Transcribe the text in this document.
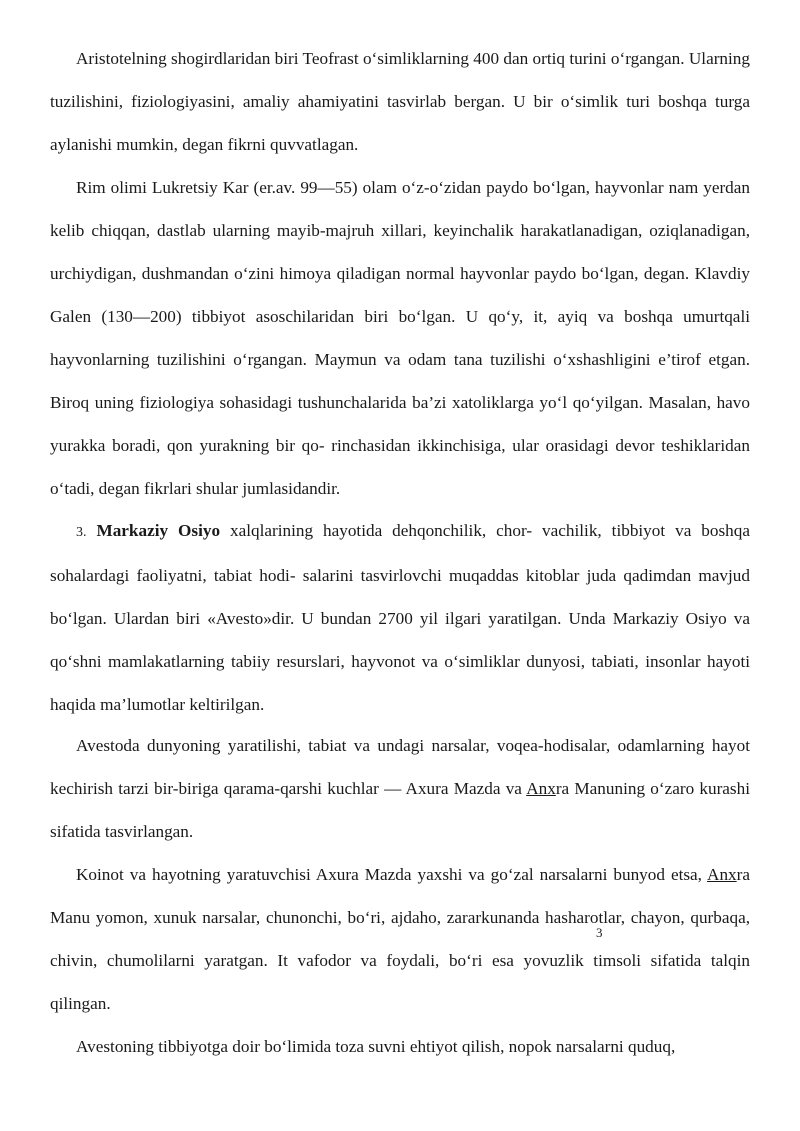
Aristotelning shogirdlaridan biri Teofrast o‘simliklarning 400 dan ortiq turini o‘rgangan. Ularning tuzilishini, fiziologiyasini, amaliy ahamiyatini tasvirlab bergan. U bir o‘simlik turi boshqa turga aylanishi mumkin, degan fikrni quvvatlagan.

Rim olimi Lukretsiy Kar (er.av. 99—55) olam o‘z-o‘zidan paydo bo‘lgan, hayvonlar nam yerdan kelib chiqqan, dastlab ularning mayib-majruh xillari, keyinchalik harakatlanadigan, oziqlanadigan, urchiydigan, dushmandan o‘zini himoya qiladigan normal hayvonlar paydo bo‘lgan, degan. Klavdiy Galen (130—200) tibbiyot asoschilaridan biri bo‘lgan. U qo‘y, it, ayiq va boshqa umurtqali hayvonlarning tuzilishini o‘rgangan. Maymun va odam tana tuzilishi o‘xshashligini e’tirof etgan. Biroq uning fiziologiya sohasidagi tushunchalarida ba’zi xatoliklarga yo‘l qo‘yilgan. Masalan, havo yurakka boradi, qon yurakning bir qo- rinchasidan ikkinchisiga, ular orasidagi devor teshiklaridan o‘tadi, degan fikrlari shular jumlasidandir.

3. Markaziy Osiyo xalqlarining hayotida dehqonchilik, chor- vachilik, tibbiyot va boshqa sohalardagi faoliyatni, tabiat hodi- salarini tasvirlovchi muqaddas kitoblar juda qadimdan mavjud bo‘lgan. Ulardan biri «Avesto»dir. U bundan 2700 yil ilgari yaratilgan. Unda Markaziy Osiyo va qo‘shni mamlakatlarning tabiiy resurslari, hayvonot va o‘simliklar dunyosi, tabiati, insonlar hayoti haqida ma’lumotlar keltirilgan.

Avestoda dunyoning yaratilishi, tabiat va undagi narsalar, voqea-hodisalar, odamlarning hayot kechirish tarzi bir-biriga qarama-qarshi kuchlar — Axura Mazda va Anxra Manuning o‘zaro kurashi sifatida tasvirlangan.

Koinot va hayotning yaratuvchisi Axura Mazda yaxshi va go‘zal narsalarni bunyod etsa, Anxra Manu yomon, xunuk narsalar, chunonchi, bo‘ri, ajdaho, zararkunanda hasharotlar, chayon, qurbaqa, chivin, chumolilarni yaratgan. It vafodor va foydali, bo‘ri esa yovuzlik timsoli sifatida talqin qilingan.

Avestoning tibbiyotga doir bo‘limida toza suvni ehtiyot qilish, nopok narsalarni quduq,

3
